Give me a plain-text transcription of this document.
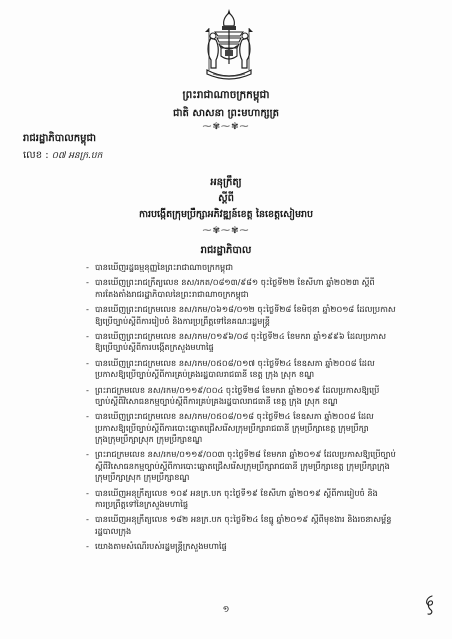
ព្រះរាជាណាចក្រកម្ពុជា
ជាតិ សាសនា ព្រះមហាក្សត្រ
⁓✾⁓✾⁓
រាជរដ្ឋាភិបាលកម្ពុជា
លេខ : ០៧ អនក្រ.បក
អនុក្រឹត្យ
ស្ដីពី
ការបង្កើតក្រុមប្រឹក្សាអភិវឌ្ឍន៍ខេត្ត នៃខេត្តសៀមរាប
⁓✾⁓✾⁓
រាជរដ្ឋាភិបាល
- បានឃើញរដ្ឋធម្មនុញ្ញនៃព្រះរាជាណាចក្រកម្ពុជា
- បានឃើញព្រះរាជក្រឹត្យលេខ នស/រកត/០៨១៣/៩៨១ ចុះថ្ងៃទី២២ ខែសីហា ឆ្នាំ២០២៣ ស្ដីពី
ការតែងតាំងរាជរដ្ឋាភិបាលនៃព្រះរាជាណាចក្រកម្ពុជា
- បានឃើញព្រះរាជក្រមលេខ នស/រកម/០៦១៨/០១២ ចុះថ្ងៃទី២៨ ខែមិថុនា ឆ្នាំ២០១៨ ដែលប្រកាស
ឱ្យប្រើច្បាប់ស្ដីពីការរៀបចំ និងការប្រព្រឹត្តទៅនៃគណៈរដ្ឋមន្ត្រី
- បានឃើញព្រះរាជក្រមលេខ នស/រកម/០១៩៦/០៨ ចុះថ្ងៃទី២៤ ខែមករា ឆ្នាំ១៩៩៦ ដែលប្រកាស
ឱ្យប្រើច្បាប់ស្ដីពីការបង្កើតក្រសួងមហាផ្ទៃ
- បានឃើញព្រះរាជក្រមលេខ នស/រកម/០៥០៨/០១៧ ចុះថ្ងៃទី២៤ ខែឧសភា ឆ្នាំ២០០៨ ដែល
ប្រកាសឱ្យប្រើច្បាប់ស្ដីពីការគ្រប់គ្រងរដ្ឋបាលរាជធានី ខេត្ត ក្រុង ស្រុក ខណ្ឌ
- ព្រះរាជក្រមលេខ នស/រកម/០១១៩/០០៤ ចុះថ្ងៃទី២៨ ខែមករា ឆ្នាំ២០១៩ ដែលប្រកាសឱ្យប្រើ
ច្បាប់ស្ដីពីវិសោធនកម្មច្បាប់ស្ដីពីការគ្រប់គ្រងរដ្ឋបាលរាជធានី ខេត្ត ក្រុង ស្រុក ខណ្ឌ
- បានឃើញព្រះរាជក្រមលេខ នស/រកម/០៥០៨/០១៨ ចុះថ្ងៃទី២៤ ខែឧសភា ឆ្នាំ២០០៨ ដែល
ប្រកាសឱ្យប្រើច្បាប់ស្ដីពីការបោះឆ្នោតជ្រើសរើសក្រុមប្រឹក្សារាជធានី ក្រុមប្រឹក្សាខេត្ត ក្រុមប្រឹក្សា
ក្រុងក្រុមប្រឹក្សាស្រុក ក្រុមប្រឹក្សាខណ្ឌ
- ព្រះរាជក្រមលេខ នស/រកម/០១១៩/០០៣ ចុះថ្ងៃទី២៨ ខែមករា ឆ្នាំ២០១៩ ដែលប្រកាសឱ្យប្រើច្បាប់
ស្ដីពីវិសោធនកម្មច្បាប់ស្ដីពីការបោះឆ្នោតជ្រើសរើសក្រុមប្រឹក្សារាជធានី ក្រុមប្រឹក្សាខេត្ត ក្រុមប្រឹក្សាក្រុង
ក្រុមប្រឹក្សាស្រុក ក្រុមប្រឹក្សាខណ្ឌ
- បានឃើញអនុក្រឹត្យលេខ ១០៩ អនក្រ.បក ចុះថ្ងៃទី១៩ ខែសីហា ឆ្នាំ២០១៩ ស្ដីពីការរៀបចំ និង
ការប្រព្រឹត្តទៅនៃក្រសួងមហាផ្ទៃ
- បានឃើញអនុក្រឹត្យលេខ ១៨២ អនក្រ.បក ចុះថ្ងៃទី២៤ ខែធ្នូ ឆ្នាំ២០១៩ ស្ដីពីមុខងារ និងរចនាសម្ព័ន្ធ
រដ្ឋបាលក្រុង
- យោងតាមសំណើរបស់រដ្ឋមន្ត្រីក្រសួងមហាផ្ទៃ
១
